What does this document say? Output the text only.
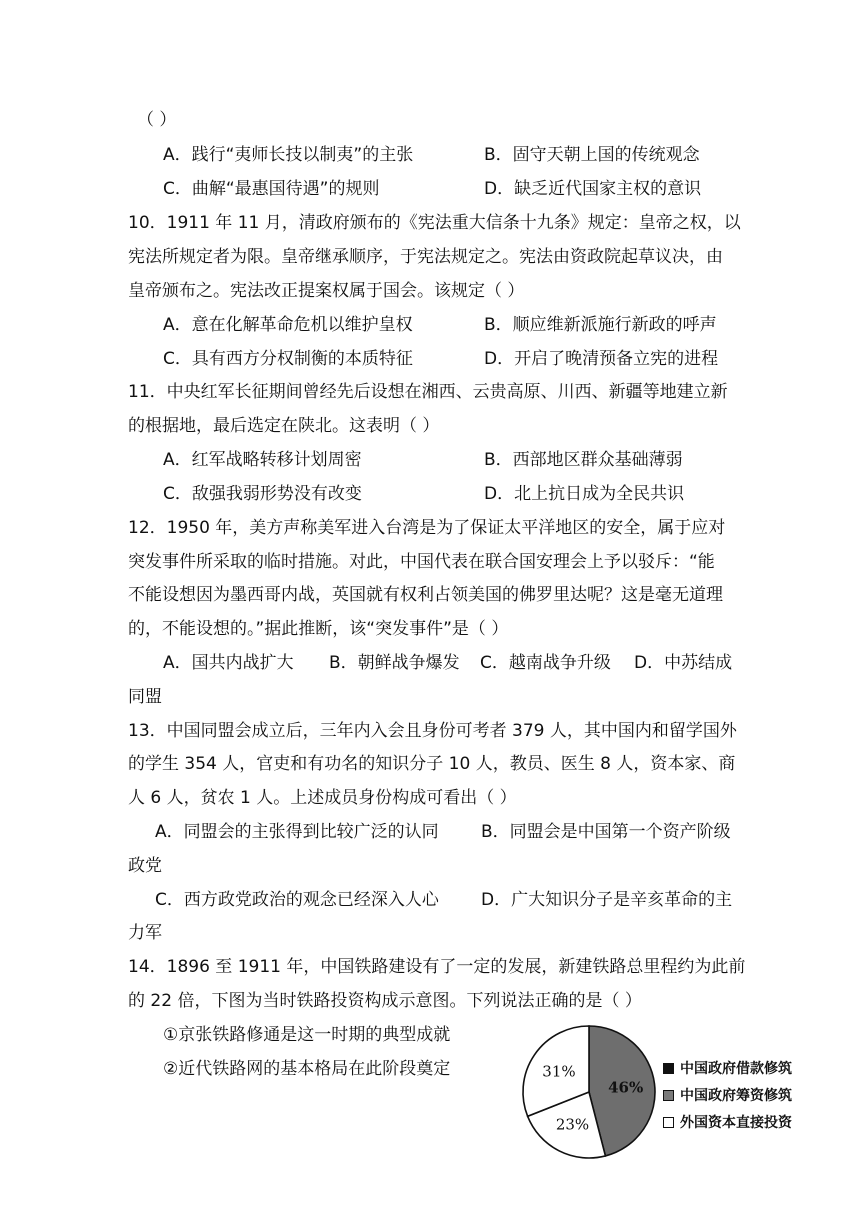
（ ）
A．践行“夷师长技以制夷”的主张	B．固守天朝上国的传统观念
C．曲解“最惠国待遇”的规则	D．缺乏近代国家主权的意识
10．1911 年 11 月，清政府颁布的《宪法重大信条十九条》规定：皇帝之权，以
宪法所规定者为限。皇帝继承顺序，于宪法规定之。宪法由资政院起草议决，由
皇帝颁布之。宪法改正提案权属于国会。该规定（ ）
A．意在化解革命危机以维护皇权	B．顺应维新派施行新政的呼声
C．具有西方分权制衡的本质特征	D．开启了晚清预备立宪的进程
11．中央红军长征期间曾经先后设想在湘西、云贵高原、川西、新疆等地建立新
的根据地，最后选定在陕北。这表明（ ）
A．红军战略转移计划周密	B．西部地区群众基础薄弱
C．敌强我弱形势没有改变	D．北上抗日成为全民共识
12．1950 年，美方声称美军进入台湾是为了保证太平洋地区的安全，属于应对
突发事件所采取的临时措施。对此，中国代表在联合国安理会上予以驳斥：“能
不能设想因为墨西哥内战，英国就有权利占领美国的佛罗里达呢？这是毫无道理
的，不能设想的。”据此推断，该“突发事件”是（ ）
A．国共内战扩大 B．朝鲜战争爆发 C．越南战争升级 D．中苏结成
同盟
13．中国同盟会成立后，三年内入会且身份可考者 379 人，其中国内和留学国外
的学生 354 人，官吏和有功名的知识分子 10 人，教员、医生 8 人，资本家、商
人 6 人，贫农 1 人。上述成员身份构成可看出（ ）
A．同盟会的主张得到比较广泛的认同 B．同盟会是中国第一个资产阶级
政党
C．西方政党政治的观念已经深入人心 D．广大知识分子是辛亥革命的主
力军
14．1896 至 1911 年，中国铁路建设有了一定的发展，新建铁路总里程约为此前
的 22 倍，下图为当时铁路投资构成示意图。下列说法正确的是（ ）
①京张铁路修通是这一时期的典型成就
②近代铁路网的基本格局在此阶段奠定
46%
23%
31%	中国政府借款修筑
中国政府筹资修筑
外国资本直接投资
